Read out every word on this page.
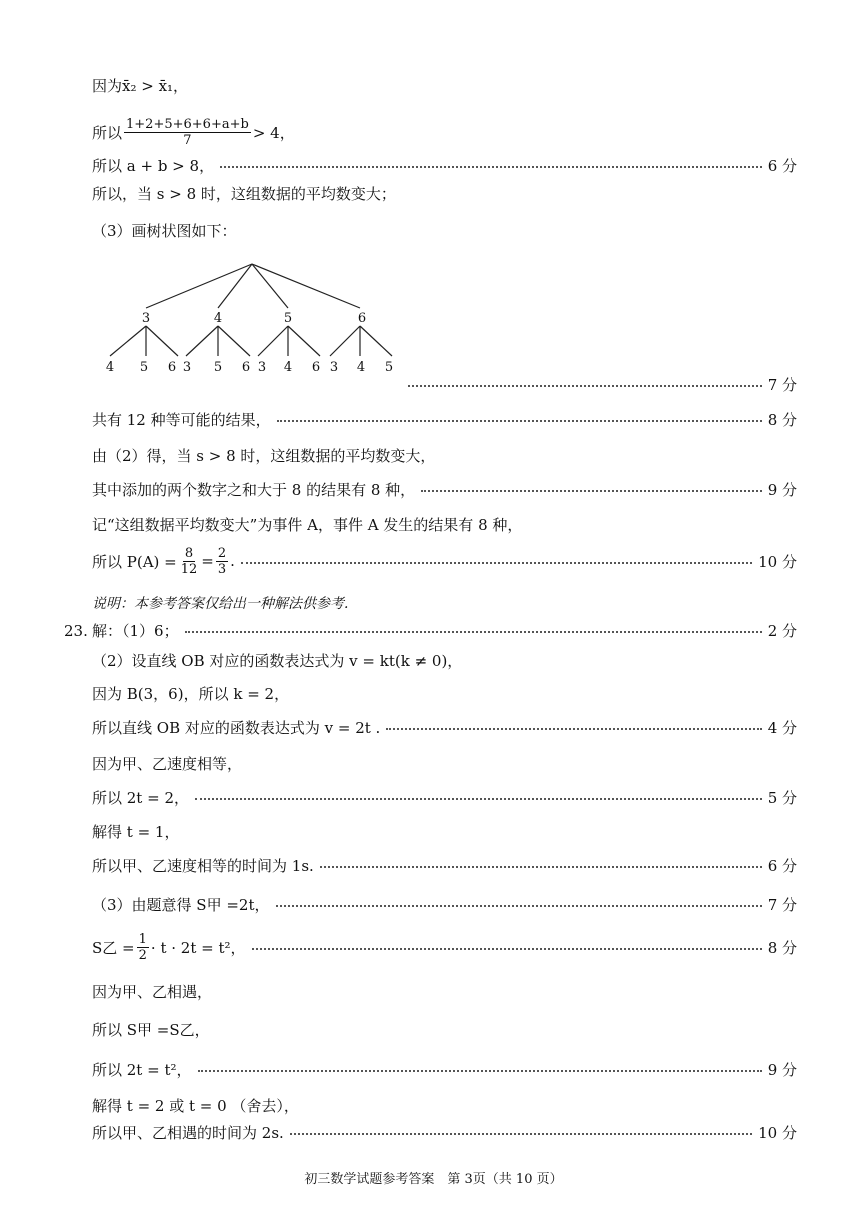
因为x̄₂ > x̄₁，
所以 $\frac{1+2+5+6+6+a+b}{7} > 4$，
所以 a + b > 8，	6 分
所以，当 s > 8 时，这组数据的平均数变大；
（3）画树状图如下：
3	4	5	6
4 5 6 3 5 6 3 4 6 3 4 5
7 分
共有 12 种等可能的结果，	8 分
由（2）得，当 s > 8 时，这组数据的平均数变大，
其中添加的两个数字之和大于 8 的结果有 8 种，	9 分
记“这组数据平均数变大”为事件 A，事件 A 发生的结果有 8 种，
所以 $P(A) = \frac{8}{12} = \frac{2}{3}$ .	10 分
说明：本参考答案仅给出一种解法供参考.
23. 解：（1）6；	2 分
（2）设直线 OB 对应的函数表达式为 v = kt(k ≠ 0)，
因为 B(3，6)，所以 k = 2，
所以直线 OB 对应的函数表达式为 v = 2t .	4 分
因为甲、乙速度相等，
所以 2t = 2，	5 分
解得 t = 1，
所以甲、乙速度相等的时间为 1s.	6 分
（3）由题意得 S甲 =2t，	7 分
S乙 = $\frac{1}{2} \cdot t \cdot 2t = t^2$，	8 分
因为甲、乙相遇，
所以 S甲 =S乙，
所以 2t = t²，	9 分
解得 t = 2 或 t = 0 （舍去），
所以甲、乙相遇的时间为 2s.	10 分
初三数学试题参考答案　第 3页（共 10 页）
